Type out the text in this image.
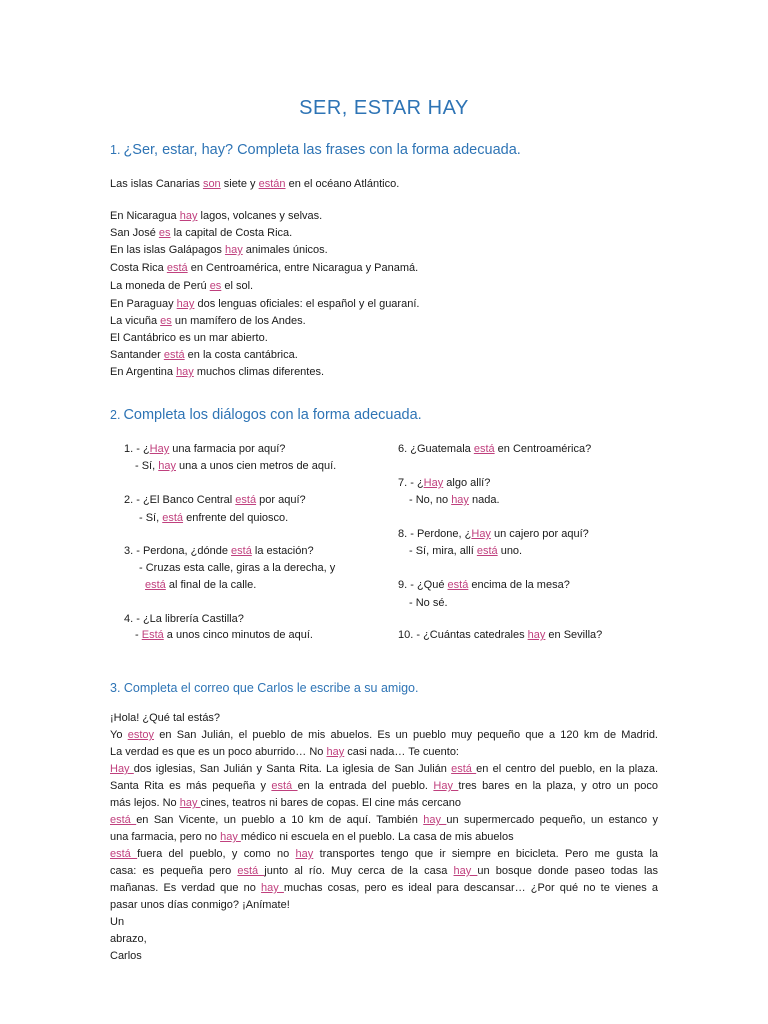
SER, ESTAR HAY
1. ¿Ser, estar, hay? Completa las frases con la forma adecuada.
Las islas Canarias son siete y están en el océano Atlántico.
En Nicaragua hay lagos, volcanes y selvas.
San José es la capital de Costa Rica.
En las islas Galápagos hay animales únicos.
Costa Rica está en Centroamérica, entre Nicaragua y Panamá.
La moneda de Perú es el sol.
En Paraguay hay dos lenguas oficiales: el español y el guaraní.
La vicuña es un mamífero de los Andes.
El Cantábrico es un mar abierto.
Santander está en la costa cantábrica.
En Argentina hay muchos climas diferentes.
2. Completa los diálogos con la forma adecuada.
1. - ¿Hay una farmacia por aquí?
- Sí, hay una a unos cien metros de aquí.
2. - ¿El Banco Central está por aquí?
- Sí, está enfrente del quiosco.
3. - Perdona, ¿dónde está la estación?
- Cruzas esta calle, giras a la derecha, y
está al final de la calle.
4. - ¿La librería Castilla?
- Está a unos cinco minutos de aquí.
6. ¿Guatemala está en Centroamérica?
7. - ¿Hay algo allí?
- No, no hay nada.
8. - Perdone, ¿Hay un cajero por aquí?
- Sí, mira, allí está uno.
9. - ¿Qué está encima de la mesa?
- No sé.
10. - ¿Cuántas catedrales hay en Sevilla?
3. Completa el correo que Carlos le escribe a su amigo.
¡Hola! ¿Qué tal estás?
Yo estoy en San Julián, el pueblo de mis abuelos. Es un pueblo muy pequeño que a 120 km de Madrid.
La verdad es que es un poco aburrido… No hay casi nada… Te cuento:
Hay dos iglesias, San Julián y Santa Rita. La iglesia de San Julián está en el centro del pueblo, en la plaza.
Santa Rita es más pequeña y está en la entrada del pueblo. Hay tres bares en la plaza, y otro un poco
más lejos. No hay cines, teatros ni bares de copas. El cine más cercano
está en San Vicente, un pueblo a 10 km de aquí. También hay un supermercado pequeño, un estanco y
una farmacia, pero no hay médico ni escuela en el pueblo. La casa de mis abuelos
está fuera del pueblo, y como no hay transportes tengo que ir siempre en bicicleta. Pero me gusta la
casa: es pequeña pero está junto al río. Muy cerca de la casa hay un bosque donde paseo todas las
mañanas. Es verdad que no hay muchas cosas, pero es ideal para descansar… ¿Por qué no te vienes a
pasar unos días conmigo? ¡Anímate!
Un
abrazo,
Carlos
